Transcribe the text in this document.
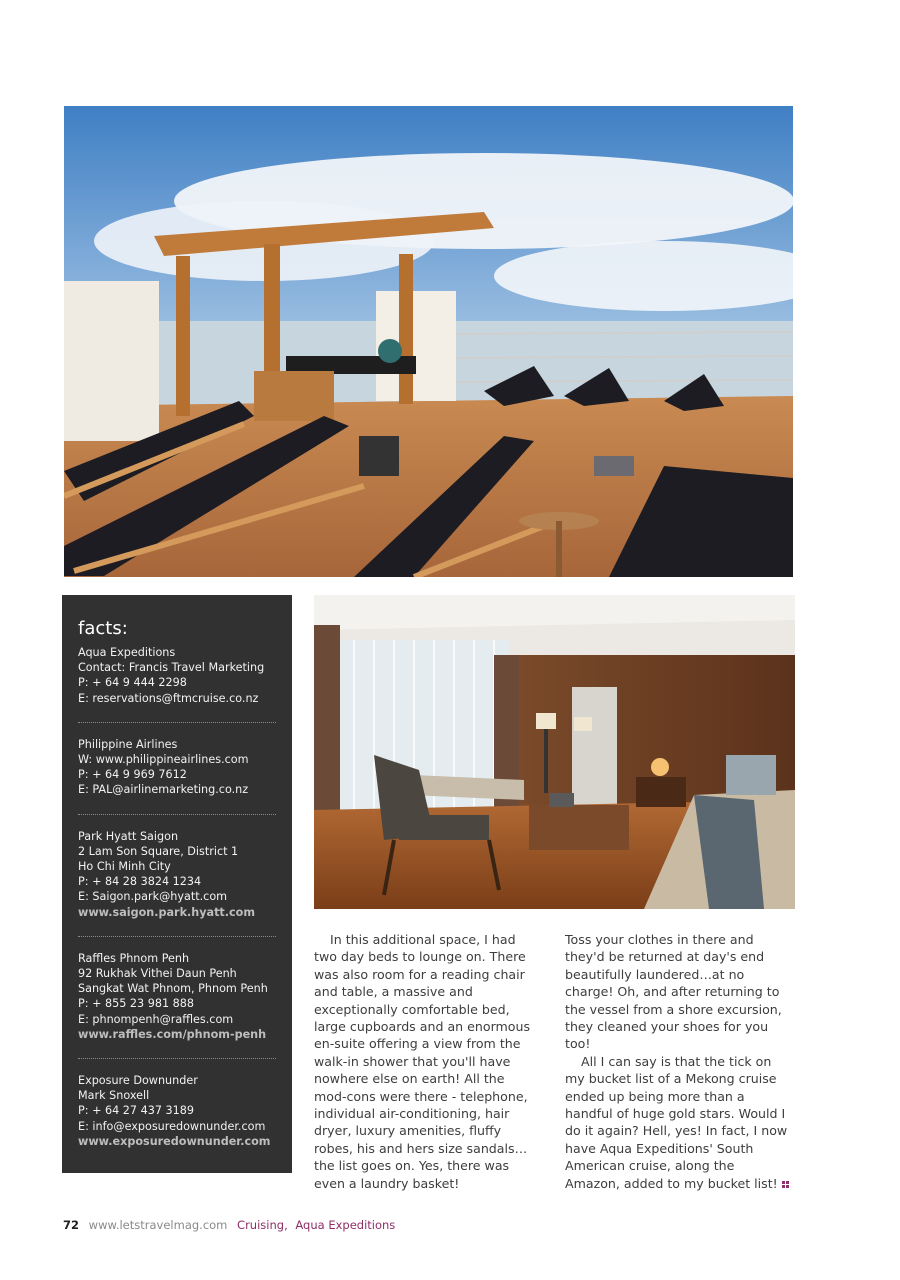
facts:
Aqua Expeditions
Contact: Francis Travel Marketing
P: + 64 9 444 2298
E: reservations@ftmcruise.co.nz
Philippine Airlines
W: www.philippineairlines.com
P: + 64 9 969 7612
E: PAL@airlinemarketing.co.nz
Park Hyatt Saigon
2 Lam Son Square, District 1
Ho Chi Minh City
P: + 84 28 3824 1234
E: Saigon.park@hyatt.com
www.saigon.park.hyatt.com
Raffles Phnom Penh
92 Rukhak Vithei Daun Penh
Sangkat Wat Phnom, Phnom Penh
P: + 855 23 981 888
E: phnompenh@raffles.com
www.raffles.com/phnom-penh
Exposure Downunder
Mark Snoxell
P: + 64 27 437 3189
E: info@exposuredownunder.com
www.exposuredownunder.com

In this additional space, I had two day beds to lounge on. There was also room for a reading chair and table, a massive and exceptionally comfortable bed, large cupboards and an enormous en-suite offering a view from the walk-in shower that you'll have nowhere else on earth! All the mod-cons were there - telephone, individual air-conditioning, hair dryer, luxury amenities, fluffy robes, his and hers size sandals…the list goes on. Yes, there was even a laundry basket!

Toss your clothes in there and they'd be returned at day's end beautifully laundered…at no charge! Oh, and after returning to the vessel from a shore excursion, they cleaned your shoes for you too!

All I can say is that the tick on my bucket list of a Mekong cruise ended up being more than a handful of huge gold stars. Would I do it again? Hell, yes! In fact, I now have Aqua Expeditions' South American cruise, along the Amazon, added to my bucket list!

72 www.letstravelmag.com Cruising, Aqua Expeditions
